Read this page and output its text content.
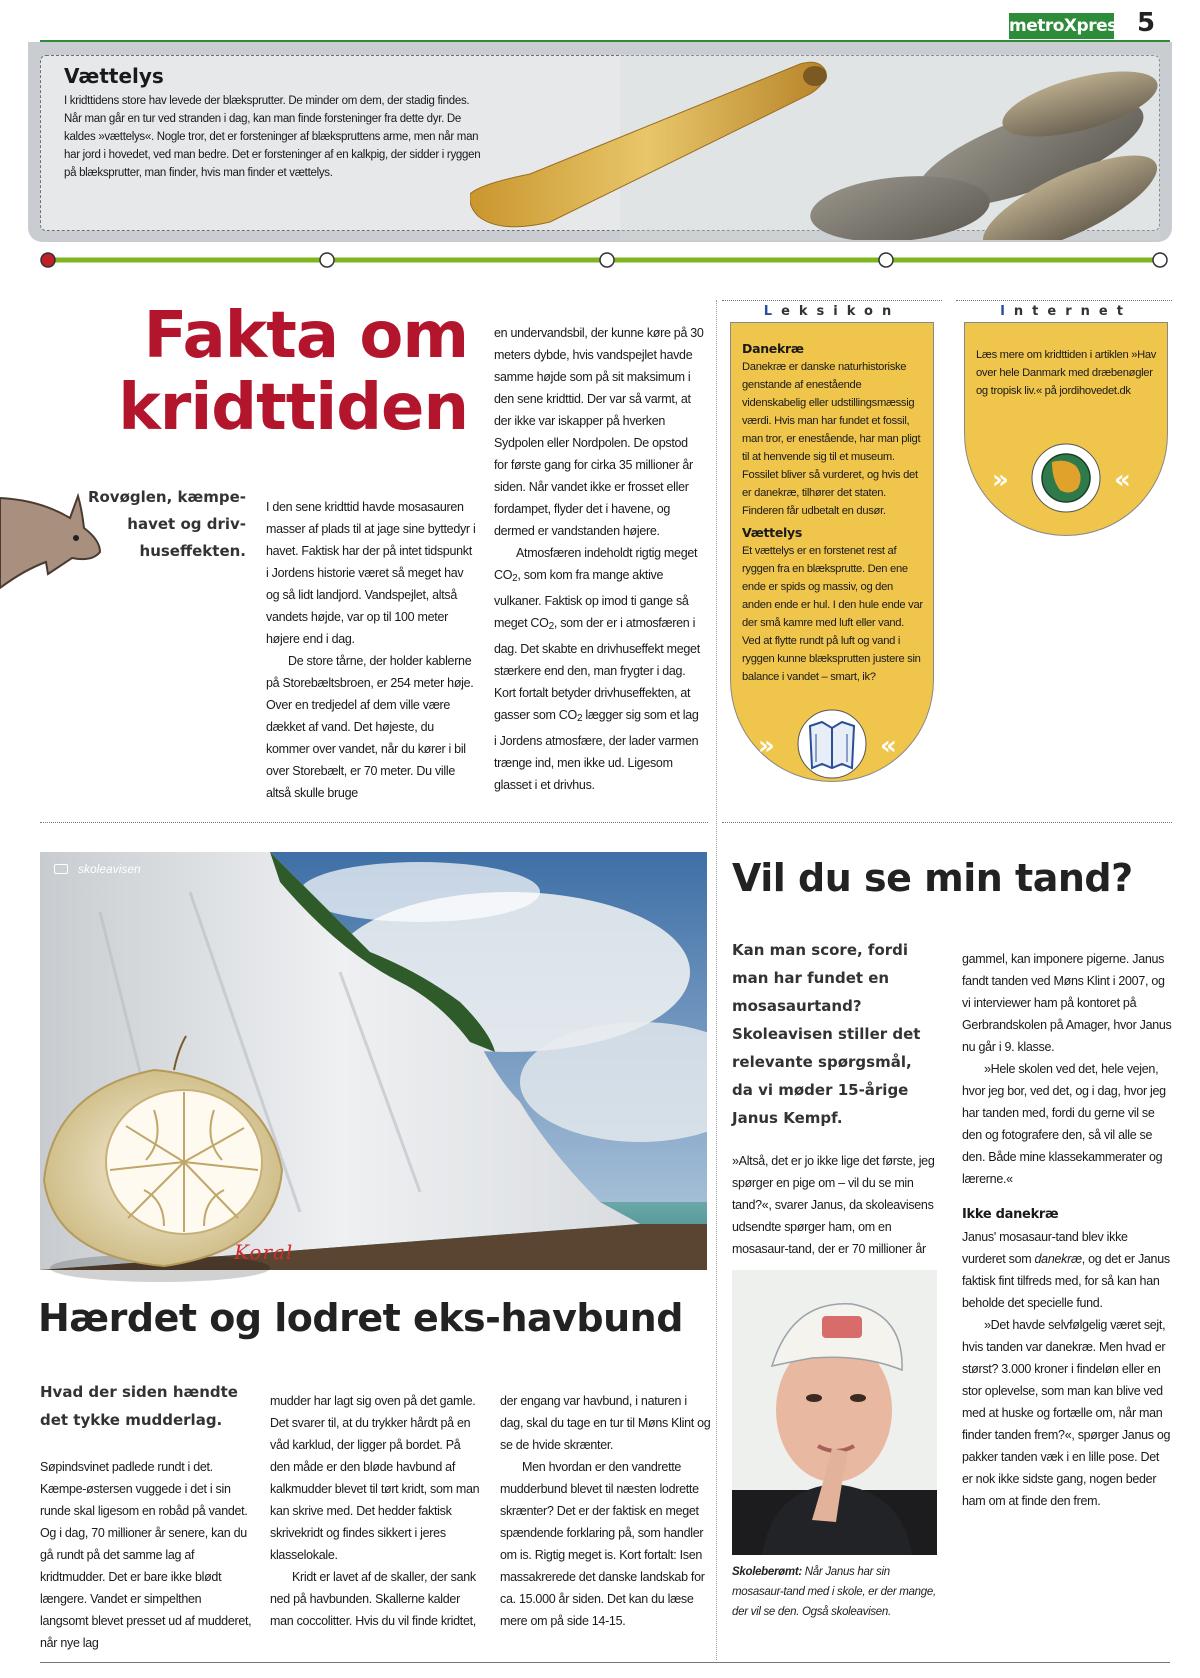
metroXpress 5
Vættelys
I kridttidens store hav levede der blæksprutter. De minder om dem, der stadig findes. Når man går en tur ved stranden i dag, kan man finde forsteninger fra dette dyr. De kaldes »vættelys«. Nogle tror, det er forsteninger af blækspruttens arme, men når man har jord i hovedet, ved man bedre. Det er forsteninger af en kalkpig, der sidder i ryggen på blæksprutter, man finder, hvis man finder et vættelys.
Fakta om
kridttiden
Rovøglen, kæmpe-havet og driv-huseffekten.

I den sene kridttid havde mosasauren masser af plads til at jage sine byttedyr i havet. Faktisk har der på intet tidspunkt i Jordens historie været så meget hav og så lidt landjord. Vandspejlet, altså vandets højde, var op til 100 meter højere end i dag.

De store tårne, der holder kablerne på Storebæltsbroen, er 254 meter høje. Over en tredjedel af dem ville være dækket af vand. Det højeste, du kommer over vandet, når du kører i bil over Storebælt, er 70 meter. Du ville altså skulle bruge

en undervandsbil, der kunne køre på 30 meters dybde, hvis vandspejlet havde samme højde som på sit maksimum i den sene kridttid. Der var så varmt, at der ikke var iskapper på hverken Sydpolen eller Nordpolen. De opstod for første gang for cirka 35 millioner år siden. Når vandet ikke er frosset eller fordampet, flyder det i havene, og dermed er vandstanden højere.

Atmosfæren indeholdt rigtig meget $CO_2$, som kom fra mange aktive vulkaner. Faktisk op imod ti gange så meget $CO_2$, som der er i atmosfæren i dag. Det skabte en drivhuseffekt meget stærkere end den, man frygter i dag. Kort fortalt betyder drivhuseffekten, at gasser som $CO_2$ lægger sig som et lag i Jordens atmosfære, der lader varmen trænge ind, men ikke ud. Ligesom glasset i et drivhus.

Leksikon
Danekræ
Danekræ er danske naturhistoriske genstande af enestående videnskabelig eller udstillingsmæssig værdi. Hvis man har fundet et fossil, man tror, er enestående, har man pligt til at henvende sig til et museum. Fossilet bliver så vurderet, og hvis det er danekræ, tilhører det staten. Finderen får udbetalt en dusør.
Vættelys
Et vættelys er en forstenet rest af ryggen fra en blæksprutte. Den ene ende er spids og massiv, og den anden ende er hul. I den hule ende var der små kamre med luft eller vand. Ved at flytte rundt på luft og vand i ryggen kunne blæksprutten justere sin balance i vandet – smart, ik?
»	«
Internet
Læs mere om kridttiden i artiklen »Hav over hele Danmark med dræbenøgler og tropisk liv.« på jordihovedet.dk
»	«
skoleavisen
Koral
Hærdet og lodret eks-havbund
Hvad der siden hændte det tykke mudderlag.

Søpindsvinet padlede rundt i det. Kæmpe-østersen vuggede i det i sin runde skal ligesom en robåd på vandet. Og i dag, 70 millioner år senere, kan du gå rundt på det samme lag af kridtmudder. Det er bare ikke blødt længere. Vandet er simpelthen langsomt blevet presset ud af mudderet, når nye lag

mudder har lagt sig oven på det gamle. Det svarer til, at du trykker hårdt på en våd karklud, der ligger på bordet. På den måde er den bløde havbund af kalkmudder blevet til tørt kridt, som man kan skrive med. Det hedder faktisk skrivekridt og findes sikkert i jeres klasselokale.

Kridt er lavet af de skaller, der sank ned på havbunden. Skallerne kalder man coccolitter. Hvis du vil finde kridtet,

der engang var havbund, i naturen i dag, skal du tage en tur til Møns Klint og se de hvide skrænter.

Men hvordan er den vandrette mudderbund blevet til næsten lodrette skrænter? Det er der faktisk en meget spændende forklaring på, som handler om is. Rigtig meget is. Kort fortalt: Isen massakrerede det danske landskab for ca. 15.000 år siden. Det kan du læse mere om på side 14-15.

Vil du se min tand?
Kan man score, fordi man har fundet en mosasaurtand? Skoleavisen stiller det relevante spørgsmål, da vi møder 15-årige Janus Kempf.

»Altså, det er jo ikke lige det første, jeg spørger en pige om – vil du se min tand?«, svarer Janus, da skoleavisens udsendte spørger ham, om en mosasaur-tand, der er 70 millioner år

Skoleberømt: Når Janus har sin mosasaur-tand med i skole, er der mange, der vil se den. Også skoleavisen.

gammel, kan imponere pigerne. Janus fandt tanden ved Møns Klint i 2007, og vi interviewer ham på kontoret på Gerbrandskolen på Amager, hvor Janus nu går i 9. klasse.

»Hele skolen ved det, hele vejen, hvor jeg bor, ved det, og i dag, hvor jeg har tanden med, fordi du gerne vil se den og fotografere den, så vil alle se den. Både mine klassekammerater og lærerne.«

Ikke danekræ

Janus' mosasaur-tand blev ikke vurderet som danekræ, og det er Janus faktisk fint tilfreds med, for så kan han beholde det specielle fund.

»Det havde selvfølgelig været sejt, hvis tanden var danekræ. Men hvad er størst? 3.000 kroner i findeløn eller en stor oplevelse, som man kan blive ved med at huske og fortælle om, når man finder tanden frem?«, spørger Janus og pakker tanden væk i en lille pose. Det er nok ikke sidste gang, nogen beder ham om at finde den frem.
